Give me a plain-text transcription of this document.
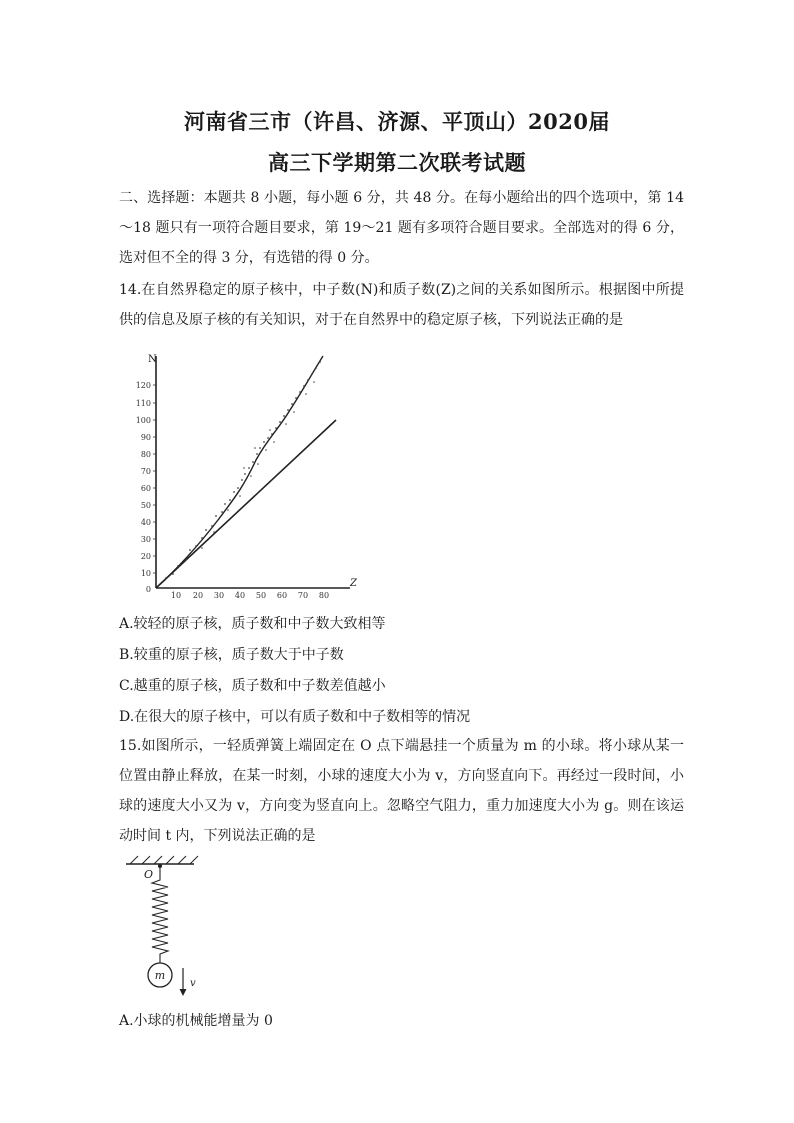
河南省三市（许昌、济源、平顶山）2020届
高三下学期第二次联考试题
二、选择题：本题共 8 小题，每小题 6 分，共 48 分。在每小题给出的四个选项中，第 14～18 题只有一项符合题目要求，第 19～21 题有多项符合题目要求。全部选对的得 6 分，选对但不全的得 3 分，有选错的得 0 分。
14.在自然界稳定的原子核中，中子数(N)和质子数(Z)之间的关系如图所示。根据图中所提供的信息及原子核的有关知识，对于在自然界中的稳定原子核，下列说法正确的是
N
Z
120
110
100
90
80
70
60
50
40
30
20
10
0
10 20 30 40 50 60 70 80
A.较轻的原子核，质子数和中子数大致相等
B.较重的原子核，质子数大于中子数
C.越重的原子核，质子数和中子数差值越小
D.在很大的原子核中，可以有质子数和中子数相等的情况
15.如图所示，一轻质弹簧上端固定在 O 点下端悬挂一个质量为 m 的小球。将小球从某一位置由静止释放，在某一时刻，小球的速度大小为 v，方向竖直向下。再经过一段时间，小球的速度大小又为 v，方向变为竖直向上。忽略空气阻力，重力加速度大小为 g。则在该运动时间 t 内，下列说法正确的是
O
m
v
A.小球的机械能增量为 0
